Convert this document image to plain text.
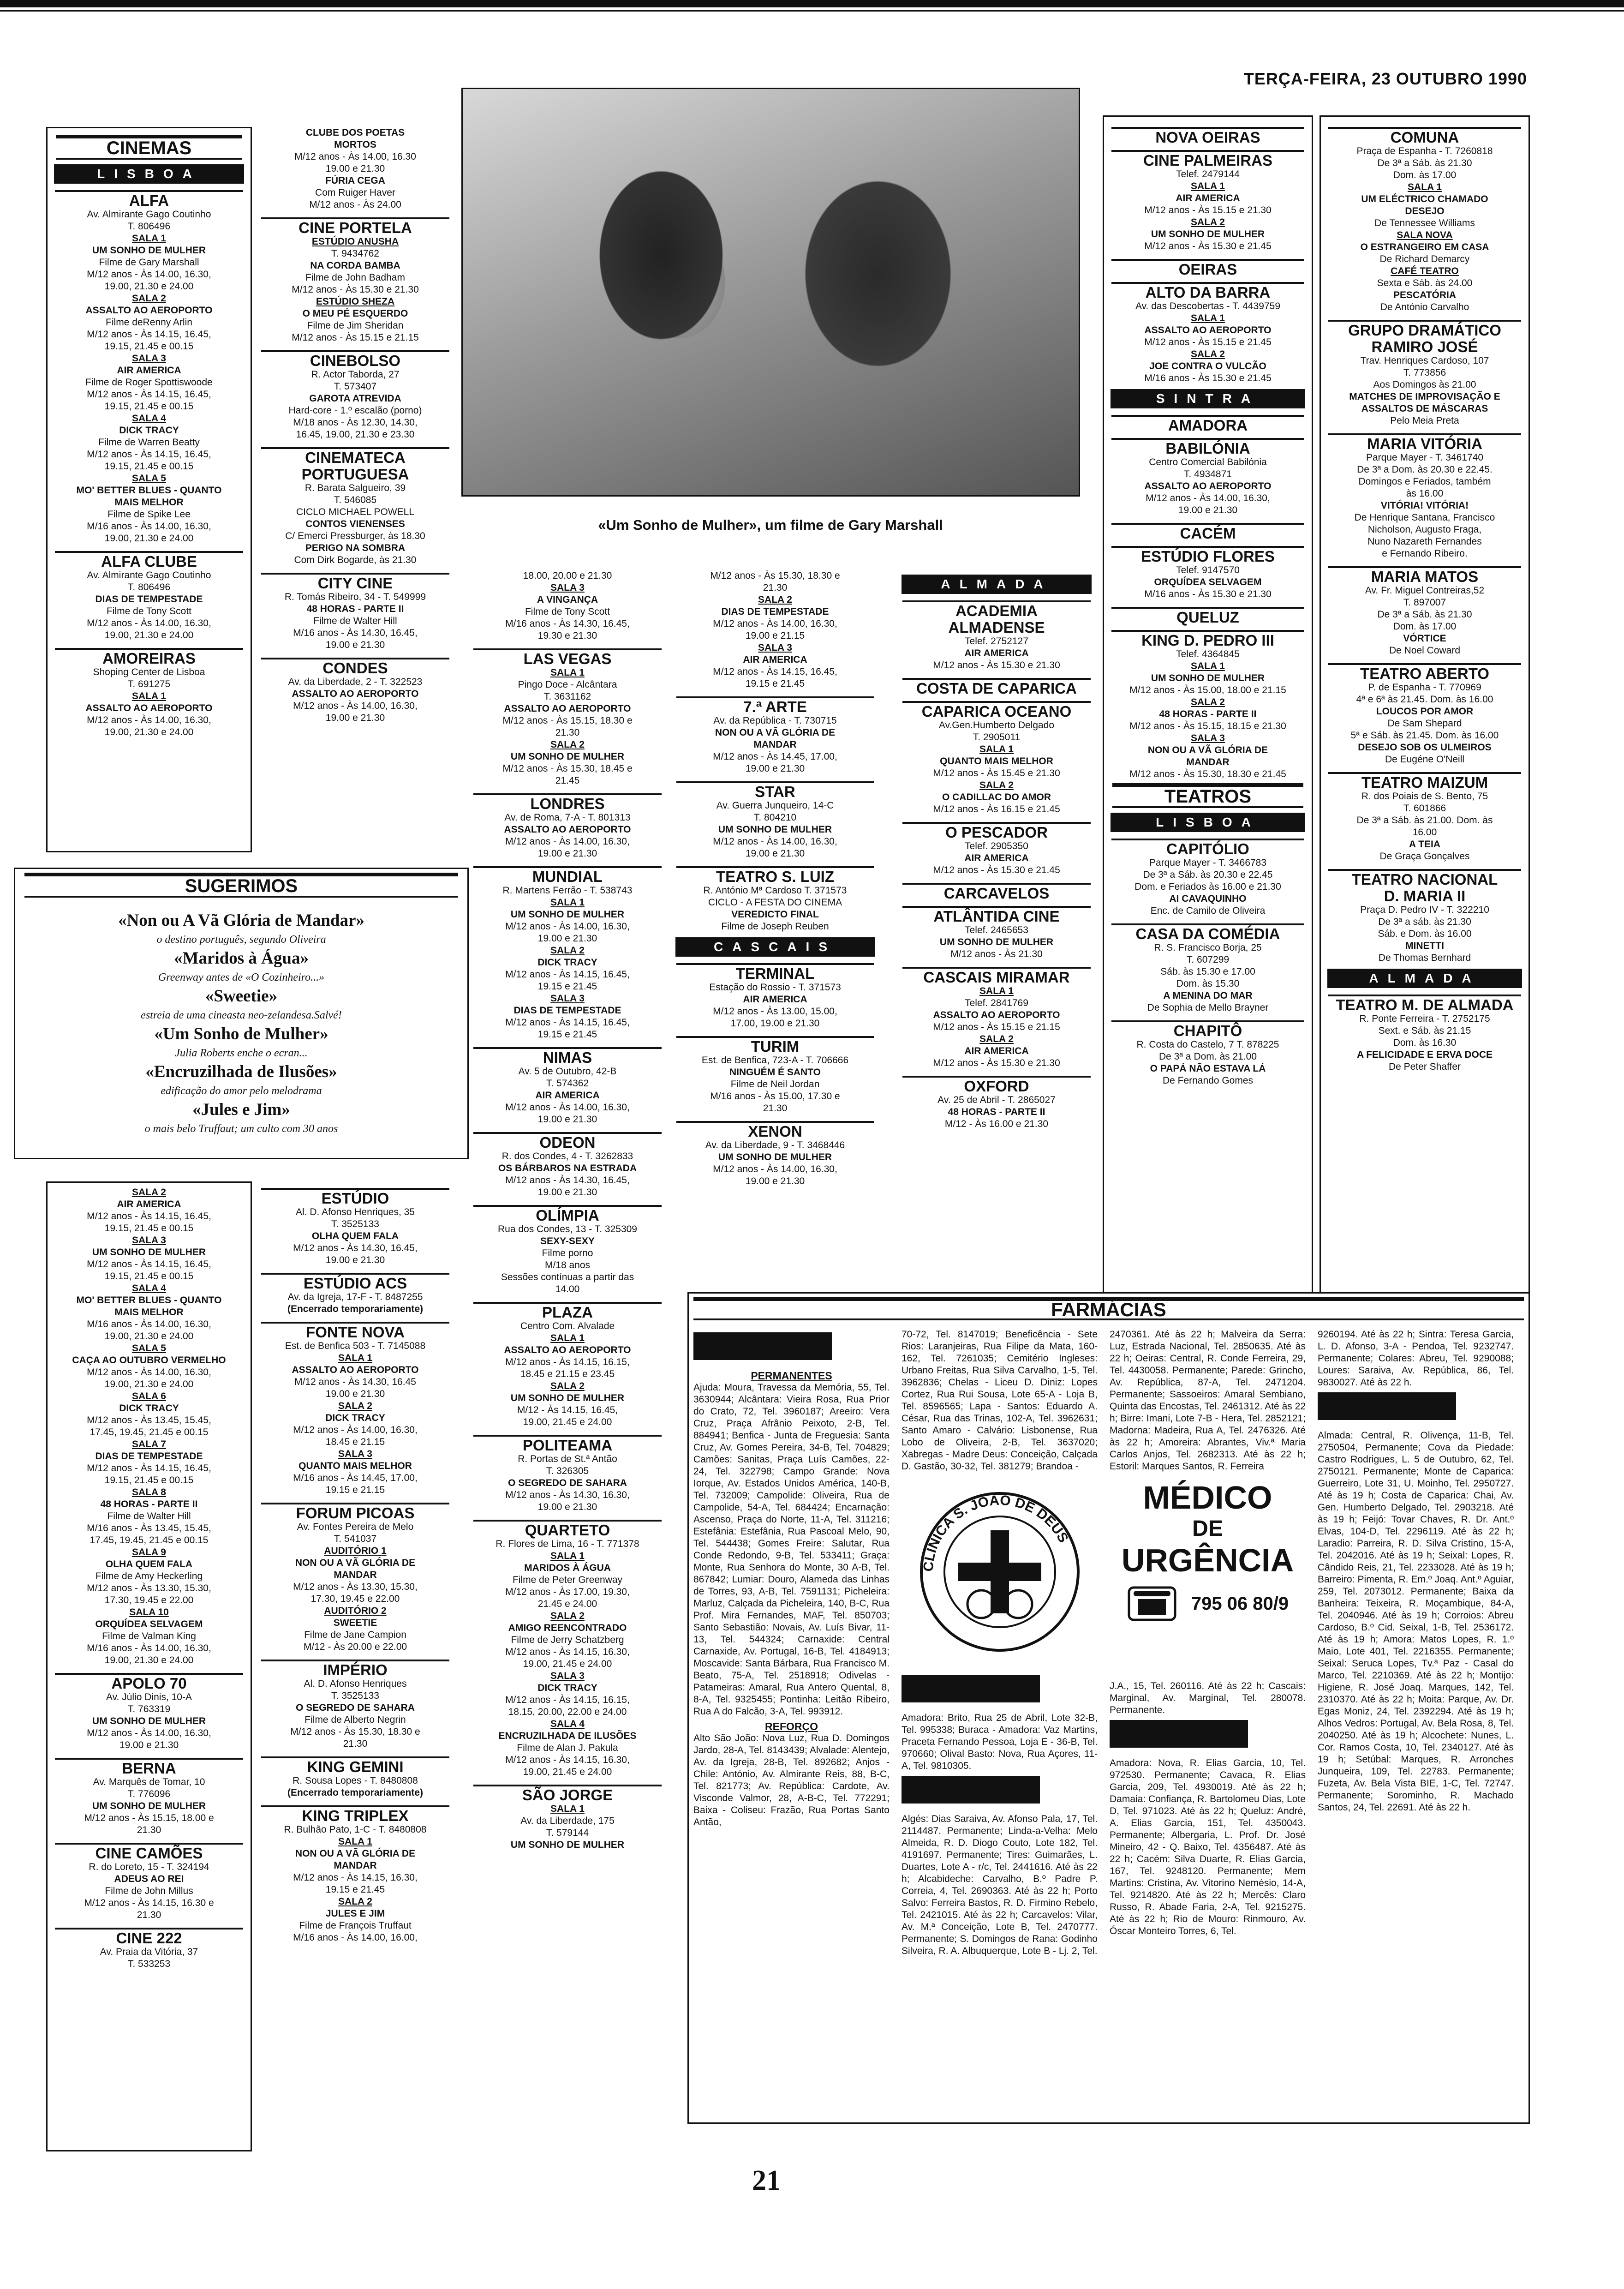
TERÇA-FEIRA, 23 OUTUBRO 1990
CINEMAS
LISBOA
ALFA
Av. Almirante Gago Coutinho
T. 806496
SALA 1
UM SONHO DE MULHER
Filme de Gary Marshall
M/12 anos - Às 14.00, 16.30,
19.00, 21.30 e 24.00
SALA 2
ASSALTO AO AEROPORTO
Filme deRenny Arlin
M/12 anos - Às 14.15, 16.45,
19.15, 21.45 e 00.15
SALA 3
AIR AMERICA
Filme de Roger Spottiswoode
M/12 anos - Às 14.15, 16.45,
19.15, 21.45 e 00.15
SALA 4
DICK TRACY
Filme de Warren Beatty
M/12 anos - Às 14.15, 16.45,
19.15, 21.45 e 00.15
SALA 5
MO' BETTER BLUES - QUANTO
MAIS MELHOR
Filme de Spike Lee
M/16 anos - Às 14.00, 16.30,
19.00, 21.30 e 24.00
ALFA CLUBE
Av. Almirante Gago Coutinho
T. 806496
DIAS DE TEMPESTADE
Filme de Tony Scott
M/12 anos - Às 14.00, 16.30,
19.00, 21.30 e 24.00
AMOREIRAS
Shoping Center de Lisboa
T. 691275
SALA 1
ASSALTO AO AEROPORTO
M/12 anos - Às 14.00, 16.30,
19.00, 21.30 e 24.00
CLUBE DOS POETAS
MORTOS
M/12 anos - Às 14.00, 16.30
19.00 e 21.30
FÚRIA CEGA
Com Ruiger Haver
M/12 anos - Às 24.00
CINE PORTELA
ESTÚDIO ANUSHA
T. 9434762
NA CORDA BAMBA
Filme de John Badham
M/12 anos - Às 15.30 e 21.30
ESTÚDIO SHEZA
O MEU PÉ ESQUERDO
Filme de Jim Sheridan
M/12 anos - Às 15.15 e 21.15
CINEBOLSO
R. Actor Taborda, 27
T. 573407
GAROTA ATREVIDA
Hard-core - 1.º escalão (porno)
M/18 anos - Às 12.30, 14.30,
16.45, 19.00, 21.30 e 23.30
CINEMATECA
PORTUGUESA
R. Barata Salgueiro, 39
T. 546085
CICLO MICHAEL POWELL
CONTOS VIENENSES
C/ Emerci Pressburger, às 18.30
PERIGO NA SOMBRA
Com Dirk Bogarde, às 21.30
CITY CINE
R. Tomás Ribeiro, 34 - T. 549999
48 HORAS - PARTE II
Filme de Walter Hill
M/16 anos - Às 14.30, 16.45,
19.00 e 21.30
CONDES
Av. da Liberdade, 2 - T. 322523
ASSALTO AO AEROPORTO
M/12 anos - Às 14.00, 16.30,
19.00 e 21.30
«Um Sonho de Mulher», um filme de Gary Marshall
SUGERIMOS
«Non ou A Vã Glória de Mandar»
o destino português, segundo Oliveira
«Maridos à Água»
Greenway antes de «O Cozinheiro...»
«Sweetie»
estreia de uma cineasta neo-zelandesa.Salvé!
«Um Sonho de Mulher»
Julia Roberts enche o ecran...
«Encruzilhada de Ilusões»
edificação do amor pelo melodrama
«Jules e Jim»
o mais belo Truffaut; um culto com 30 anos
SALA 2
AIR AMERICA
M/12 anos - Às 14.15, 16.45,
19.15, 21.45 e 00.15
SALA 3
UM SONHO DE MULHER
M/12 anos - Às 14.15, 16.45,
19.15, 21.45 e 00.15
SALA 4
MO' BETTER BLUES - QUANTO
MAIS MELHOR
M/16 anos - Às 14.00, 16.30,
19.00, 21.30 e 24.00
SALA 5
CAÇA AO OUTUBRO VERMELHO
M/12 anos - Às 14.00, 16.30,
19.00, 21.30 e 24.00
SALA 6
DICK TRACY
M/12 anos - Às 13.45, 15.45,
17.45, 19.45, 21.45 e 00.15
SALA 7
DIAS DE TEMPESTADE
M/12 anos - Às 14.15, 16.45,
19.15, 21.45 e 00.15
SALA 8
48 HORAS - PARTE II
Filme de Walter Hill
M/16 anos - Às 13.45, 15.45,
17.45, 19.45, 21.45 e 00.15
SALA 9
OLHA QUEM FALA
Filme de Amy Heckerling
M/12 anos - Às 13.30, 15.30,
17.30, 19.45 e 22.00
SALA 10
ORQUÍDEA SELVAGEM
Filme de Valman King
M/16 anos - Às 14.00, 16.30,
19.00, 21.30 e 24.00
APOLO 70
Av. Júlio Dinis, 10-A
T. 763319
UM SONHO DE MULHER
M/12 anos - Às 14.00, 16.30,
19.00 e 21.30
BERNA
Av. Marquês de Tomar, 10
T. 776096
UM SONHO DE MULHER
M/12 anos - Às 15.15, 18.00 e
21.30
CINE CAMÕES
R. do Loreto, 15 - T. 324194
ADEUS AO REI
Filme de John Millus
M/12 anos - Às 14.15, 16.30 e
21.30
CINE 222
Av. Praia da Vitória, 37
T. 533253
ESTÚDIO
Al. D. Afonso Henriques, 35
T. 3525133
OLHA QUEM FALA
M/12 anos - Às 14.30, 16.45,
19.00 e 21.30
ESTÚDIO ACS
Av. da Igreja, 17-F - T. 8487255
(Encerrado temporariamente)
FONTE NOVA
Est. de Benfica 503 - T. 7145088
SALA 1
ASSALTO AO AEROPORTO
M/12 anos - Às 14.30, 16.45
19.00 e 21.30
SALA 2
DICK TRACY
M/12 anos - Às 14.00, 16.30,
18.45 e 21.15
SALA 3
QUANTO MAIS MELHOR
M/16 anos - Às 14.45, 17.00,
19.15 e 21.15
FORUM PICOAS
Av. Fontes Pereira de Melo
T. 541037
AUDITÓRIO 1
NON OU A VÃ GLÓRIA DE
MANDAR
M/12 anos - Às 13.30, 15.30,
17.30, 19.45 e 22.00
AUDITÓRIO 2
SWEETIE
Filme de Jane Campion
M/12 - Às 20.00 e 22.00
IMPÉRIO
Al. D. Afonso Henriques
T. 3525133
O SEGREDO DE SAHARA
Filme de Alberto Negrin
M/12 anos - Às 15.30, 18.30 e
21.30
KING GEMINI
R. Sousa Lopes - T. 8480808
(Encerrado temporariamente)
KING TRIPLEX
R. Bulhão Pato, 1-C - T. 8480808
SALA 1
NON OU A VÃ GLÓRIA DE
MANDAR
M/12 anos - Às 14.15, 16.30,
19.15 e 21.45
SALA 2
JULES E JIM
Filme de François Truffaut
M/16 anos - Às 14.00, 16.00,
18.00, 20.00 e 21.30
SALA 3
A VINGANÇA
Filme de Tony Scott
M/16 anos - Às 14.30, 16.45,
19.30 e 21.30
LAS VEGAS
SALA 1
Pingo Doce - Alcântara
T. 3631162
ASSALTO AO AEROPORTO
M/12 anos - Às 15.15, 18.30 e
21.30
SALA 2
UM SONHO DE MULHER
M/12 anos - Às 15.30, 18.45 e
21.45
LONDRES
Av. de Roma, 7-A - T. 801313
ASSALTO AO AEROPORTO
M/12 anos - Às 14.00, 16.30,
19.00 e 21.30
MUNDIAL
R. Martens Ferrão - T. 538743
SALA 1
UM SONHO DE MULHER
M/12 anos - Às 14.00, 16.30,
19.00 e 21.30
SALA 2
DICK TRACY
M/12 anos - Às 14.15, 16.45,
19.15 e 21.45
SALA 3
DIAS DE TEMPESTADE
M/12 anos - Às 14.15, 16.45,
19.15 e 21.45
NIMAS
Av. 5 de Outubro, 42-B
T. 574362
AIR AMERICA
M/12 anos - Às 14.00, 16.30,
19.00 e 21.30
ODEON
R. dos Condes, 4 - T. 3262833
OS BÁRBAROS NA ESTRADA
M/12 anos - Às 14.30, 16.45,
19.00 e 21.30
OLÍMPIA
Rua dos Condes, 13 - T. 325309
SEXY-SEXY
Filme porno
M/18 anos
Sessões contínuas a partir das
14.00
PLAZA
Centro Com. Alvalade
SALA 1
ASSALTO AO AEROPORTO
M/12 anos - Às 14.15, 16.15,
18.45 e 21.15 e 23.45
SALA 2
UM SONHO DE MULHER
M/12 - Às 14.15, 16.45,
19.00, 21.45 e 24.00
POLITEAMA
R. Portas de St.ª Antão
T. 326305
O SEGREDO DE SAHARA
M/12 anos - Às 14.30, 16.30,
19.00 e 21.30
QUARTETO
R. Flores de Lima, 16 - T. 771378
SALA 1
MARIDOS À ÁGUA
Filme de Peter Greenway
M/12 anos - Às 17.00, 19.30,
21.45 e 24.00
SALA 2
AMIGO REENCONTRADO
Filme de Jerry Schatzberg
M/12 anos - Às 14.15, 16.30,
19.00, 21.45 e 24.00
SALA 3
DICK TRACY
M/12 anos - Às 14.15, 16.15,
18.15, 20.00, 22.00 e 24.00
SALA 4
ENCRUZILHADA DE ILUSÕES
Filme de Alan J. Pakula
M/12 anos - Às 14.15, 16.30,
19.00, 21.45 e 24.00
SÃO JORGE
SALA 1
Av. da Liberdade, 175
T. 579144
UM SONHO DE MULHER
M/12 anos - Às 15.30, 18.30 e
21.30
SALA 2
DIAS DE TEMPESTADE
M/12 anos - Às 14.00, 16.30,
19.00 e 21.15
SALA 3
AIR AMERICA
M/12 anos - Às 14.15, 16.45,
19.15 e 21.45
7.ª ARTE
Av. da República - T. 730715
NON OU A VÃ GLÓRIA DE
MANDAR
M/12 anos - Às 14.45, 17.00,
19.00 e 21.30
STAR
Av. Guerra Junqueiro, 14-C
T. 804210
UM SONHO DE MULHER
M/12 anos - Às 14.00, 16.30,
19.00 e 21.30
TEATRO S. LUIZ
R. António Mª Cardoso T. 371573
CICLO - A FESTA DO CINEMA
VEREDICTO FINAL
Filme de Joseph Reuben
CASCAIS
TERMINAL
Estação do Rossio - T. 371573
AIR AMERICA
M/12 anos - Às 13.00, 15.00,
17.00, 19.00 e 21.30
TURIM
Est. de Benfica, 723-A - T. 706666
NINGUÉM É SANTO
Filme de Neil Jordan
M/16 anos - Às 15.00, 17.30 e
21.30
XENON
Av. da Liberdade, 9 - T. 3468446
UM SONHO DE MULHER
M/12 anos - Às 14.00, 16.30,
19.00 e 21.30
ALMADA
ACADEMIA
ALMADENSE
Telef. 2752127
AIR AMERICA
M/12 anos - Às 15.30 e 21.30
COSTA DE CAPARICA
CAPARICA OCEANO
Av.Gen.Humberto Delgado
T. 2905011
SALA 1
QUANTO MAIS MELHOR
M/12 anos - Às 15.45 e 21.30
SALA 2
O CADILLAC DO AMOR
M/12 anos - Às 16.15 e 21.45
O PESCADOR
Telef. 2905350
AIR AMERICA
M/12 anos - Às 15.30 e 21.45
CARCAVELOS
ATLÂNTIDA CINE
Telef. 2465653
UM SONHO DE MULHER
M/12 anos - Às 21.30
CASCAIS MIRAMAR
SALA 1
Telef. 2841769
ASSALTO AO AEROPORTO
M/12 anos - Às 15.15 e 21.15
SALA 2
AIR AMERICA
M/12 anos - Às 15.30 e 21.30
OXFORD
Av. 25 de Abril - T. 2865027
48 HORAS - PARTE II
M/12 - Às 16.00 e 21.30
NOVA OEIRAS
CINE PALMEIRAS
Telef. 2479144
SALA 1
AIR AMERICA
M/12 anos - Às 15.15 e 21.30
SALA 2
UM SONHO DE MULHER
M/12 anos - Às 15.30 e 21.45
OEIRAS
ALTO DA BARRA
Av. das Descobertas - T. 4439759
SALA 1
ASSALTO AO AEROPORTO
M/12 anos - Às 15.15 e 21.45
SALA 2
JOE CONTRA O VULCÃO
M/16 anos - Às 15.30 e 21.45
SINTRA
AMADORA
BABILÓNIA
Centro Comercial Babilónia
T. 4934871
ASSALTO AO AEROPORTO
M/12 anos - Às 14.00, 16.30,
19.00 e 21.30
CACÉM
ESTÚDIO FLORES
Telef. 9147570
ORQUÍDEA SELVAGEM
M/16 anos - Às 15.30 e 21.30
QUELUZ
KING D. PEDRO III
Telef. 4364845
SALA 1
UM SONHO DE MULHER
M/12 anos - Às 15.00, 18.00 e 21.15
SALA 2
48 HORAS - PARTE II
M/12 anos - Às 15.15, 18.15 e 21.30
SALA 3
NON OU A VÃ GLÓRIA DE
MANDAR
M/12 anos - Às 15.30, 18.30 e 21.45
TEATROS
LISBOA
CAPITÓLIO
Parque Mayer - T. 3466783
De 3ª a Sáb. às 20.30 e 22.45
Dom. e Feriados às 16.00 e 21.30
AI CAVAQUINHO
Enc. de Camilo de Oliveira
CASA DA COMÉDIA
R. S. Francisco Borja, 25
T. 607299
Sáb. às 15.30 e 17.00
Dom. às 15.30
A MENINA DO MAR
De Sophia de Mello Brayner
CHAPITÔ
R. Costa do Castelo, 7 T. 878225
De 3ª a Dom. às 21.00
O PAPÁ NÃO ESTAVA LÁ
De Fernando Gomes
COMUNA
Praça de Espanha - T. 7260818
De 3ª a Sáb. às 21.30
Dom. às 17.00
SALA 1
UM ELÉCTRICO CHAMADO
DESEJO
De Tennessee Williams
SALA NOVA
O ESTRANGEIRO EM CASA
De Richard Demarcy
CAFÉ TEATRO
Sexta e Sáb. às 24.00
PESCATÓRIA
De António Carvalho
GRUPO DRAMÁTICO
RAMIRO JOSÉ
Trav. Henriques Cardoso, 107
T. 773856
Aos Domingos às 21.00
MATCHES DE IMPROVISAÇÃO E
ASSALTOS DE MÁSCARAS
Pelo Meia Preta
MARIA VITÓRIA
Parque Mayer - T. 3461740
De 3ª a Dom. às 20.30 e 22.45.
Domingos e Feriados, também
às 16.00
VITÓRIA! VITÓRIA!
De Henrique Santana, Francisco
Nicholson, Augusto Fraga,
Nuno Nazareth Fernandes
e Fernando Ribeiro.
MARIA MATOS
Av. Fr. Miguel Contreiras,52
T. 897007
De 3ª a Sáb. às 21.30
Dom. às 17.00
VÓRTICE
De Noel Coward
TEATRO ABERTO
P. de Espanha - T. 770969
4ª e 6ª às 21.45. Dom. às 16.00
LOUCOS POR AMOR
De Sam Shepard
5ª e Sáb. às 21.45. Dom. às 16.00
DESEJO SOB OS ULMEIROS
De Eugéne O'Neill
TEATRO MAIZUM
R. dos Poiais de S. Bento, 75
T. 601866
De 3ª a Sáb. às 21.00. Dom. às
16.00
A TEIA
De Graça Gonçalves
TEATRO NACIONAL
D. MARIA II
Praça D. Pedro IV - T. 322210
De 3ª a sáb. às 21.30
Sáb. e Dom. às 16.00
MINETTI
De Thomas Bernhard
ALMADA
TEATRO M. DE ALMADA
R. Ponte Ferreira - T. 2752175
Sext. e Sáb. às 21.15
Dom. às 16.30
A FELICIDADE E ERVA DOCE
De Peter Shaffer
FARMÁCIAS
PERMANENTES
Ajuda: Moura, Travessa da Memória, 55, Tel. 3630944; Alcântara: Vieira Rosa, Rua Prior do Crato, 72, Tel. 3960187; Areeiro: Vera Cruz, Praça Afrânio Peixoto, 2-B, Tel. 884941; Benfica - Junta de Freguesia: Santa Cruz, Av. Gomes Pereira, 34-B, Tel. 704829; Camões: Sanitas, Praça Luís Camões, 22-24, Tel. 322798; Campo Grande: Nova Iorque, Av. Estados Unidos América, 140-B, Tel. 732009; Campolide: Oliveira, Rua de Campolide, 54-A, Tel. 684424; Encarnação: Ascenso, Praça do Norte, 11-A, Tel. 311216; Estefânia: Estefânia, Rua Pascoal Melo, 90, Tel. 544438; Gomes Freire: Salutar, Rua Conde Redondo, 9-B, Tel. 533411; Graça: Monte, Rua Senhora do Monte, 30 A-B, Tel. 867842; Lumiar: Douro, Alameda das Linhas de Torres, 93, A-B, Tel. 7591131; Picheleira: Marluz, Calçada da Picheleira, 140, B-C, Rua Prof. Mira Fernandes, MAF, Tel. 850703; Santo Sebastião: Novais, Av. Luís Bivar, 11-13, Tel. 544324; Carnaxide: Central Carnaxide, Av. Portugal, 16-B, Tel. 4184913; Moscavide: Santa Bárbara, Rua Francisco M. Beato, 75-A, Tel. 2518918; Odivelas - Patameiras: Amaral, Rua Antero Quental, 8, 8-A, Tel. 9325455; Pontinha: Leitão Ribeiro, Rua A do Falcão, 3-A, Tel. 993912.
REFORÇO
Alto São João: Nova Luz, Rua D. Domingos Jardo, 28-A, Tel. 8143439; Alvalade: Alentejo, Av. da Igreja, 28-B, Tel. 892682; Anjos - Chile: António, Av. Almirante Reis, 88, B-C, Tel. 821773; Av. República: Cardote, Av. Visconde Valmor, 28, A-B-C, Tel. 772291; Baixa - Coliseu: Frazão, Rua Portas Santo Antão,
70-72, Tel. 8147019; Beneficência - Sete Rios: Laranjeiras, Rua Filipe da Mata, 160-162, Tel. 7261035; Cemitério Ingleses: Urbano Freitas, Rua Silva Carvalho, 1-5, Tel. 3962836; Chelas - Liceu D. Diniz: Lopes Cortez, Rua Rui Sousa, Lote 65-A - Loja B, Tel. 8596565; Lapa - Santos: Eduardo A. César, Rua das Trinas, 102-A, Tel. 3962631; Santo Amaro - Calvário: Lisbonense, Rua Lobo de Oliveira, 2-B, Tel. 3637020; Xabregas - Madre Deus: Conceição, Calçada D. Gastão, 30-32, Tel. 381279; Brandoa -
CLÍNICA S. JOÃO DE DEUS
Amadora: Brito, Rua 25 de Abril, Lote 32-B, Tel. 995338; Buraca - Amadora: Vaz Martins, Praceta Fernando Pessoa, Loja E - 36-B, Tel. 970660; Olival Basto: Nova, Rua Açores, 11-A, Tel. 9810305.
Algés: Dias Saraiva, Av. Afonso Pala, 17, Tel. 2114487. Permanente; Linda-a-Velha: Melo Almeida, R. D. Diogo Couto, Lote 182, Tel. 4191697. Permanente; Tires: Guimarães, L. Duartes, Lote A - r/c, Tel. 2441616. Até às 22 h; Alcabideche: Carvalho, B.º Padre P. Correia, 4, Tel. 2690363. Até às 22 h; Porto Salvo: Ferreira Bastos, R. D. Firmino Rebelo, Tel. 2421015. Até às 22 h; Carcavelos: Vilar, Av. M.ª Conceição, Lote B, Tel. 2470777. Permanente; S. Domingos de Rana: Godinho Silveira, R. A. Albuquerque, Lote B - Lj. 2, Tel.
2470361. Até às 22 h; Malveira da Serra: Luz, Estrada Nacional, Tel. 2850635. Até às 22 h; Oeiras: Central, R. Conde Ferreira, 29, Tel. 4430058. Permanente; Parede: Grincho, Av. República, 87-A, Tel. 2471204. Permanente; Sassoeiros: Amaral Sembiano, Quinta das Encostas, Tel. 2461312. Até às 22 h; Birre: Imani, Lote 7-B - Hera, Tel. 2852121; Madorna: Madeira, Rua A, Tel. 2476326. Até às 22 h; Amoreira: Abrantes, Viv.ª Maria Carlos Anjos, Tel. 2682313. Até às 22 h; Estoril: Marques Santos, R. Ferreira
MÉDICO
DE
URGÊNCIA
795 06 80/9
J.A., 15, Tel. 260116. Até às 22 h; Cascais: Marginal, Av. Marginal, Tel. 280078. Permanente.
Amadora: Nova, R. Elias Garcia, 10, Tel. 972530. Permanente; Cavaca, R. Elias Garcia, 209, Tel. 4930019. Até às 22 h; Damaia: Confiança, R. Bartolomeu Dias, Lote D, Tel. 971023. Até às 22 h; Queluz: André, A. Elias Garcia, 151, Tel. 4350043. Permanente; Albergaria, L. Prof. Dr. José Mineiro, 42 - Q. Baixo, Tel. 4356487. Até às 22 h; Cacém: Silva Duarte, R. Elias Garcia, 167, Tel. 9248120. Permanente; Mem Martins: Cristina, Av. Vitorino Nemésio, 14-A, Tel. 9214820. Até às 22 h; Mercês: Claro Russo, R. Abade Faria, 2-A, Tel. 9215275. Até às 22 h; Rio de Mouro: Rinmouro, Av. Óscar Monteiro Torres, 6, Tel.
9260194. Até às 22 h; Sintra: Teresa Garcia, L. D. Afonso, 3-A - Pendoa, Tel. 9232747. Permanente; Colares: Abreu, Tel. 9290088; Loures: Saraiva, Av. República, 86, Tel. 9830027. Até às 22 h.
Almada: Central, R. Olivença, 11-B, Tel. 2750504, Permanente; Cova da Piedade: Castro Rodrigues, L. 5 de Outubro, 62, Tel. 2750121. Permanente; Monte de Caparica: Guerreiro, Lote 31, U. Moinho, Tel. 2950727. Até às 19 h; Costa de Caparica: Chai, Av. Gen. Humberto Delgado, Tel. 2903218. Até às 19 h; Feijó: Tovar Chaves, R. Dr. Ant.º Elvas, 104-D, Tel. 2296119. Até às 22 h; Laradio: Parreira, R. D. Silva Cristino, 15-A, Tel. 2042016. Até às 19 h; Seixal: Lopes, R. Cândido Reis, 21, Tel. 2233028. Até às 19 h; Barreiro: Pimenta, R. Em.º Joaq. Ant.º Aguiar, 259, Tel. 2073012. Permanente; Baixa da Banheira: Teixeira, R. Moçambique, 84-A, Tel. 2040946. Até às 19 h; Corroios: Abreu Cardoso, B.º Cid. Seixal, 1-B, Tel. 2536172. Até às 19 h; Amora: Matos Lopes, R. 1.º Maio, Lote 401, Tel. 2216355. Permanente; Seixal: Seruca Lopes, Tv.ª Paz - Casal do Marco, Tel. 2210369. Até às 22 h; Montijo: Higiene, R. José Joaq. Marques, 142, Tel. 2310370. Até às 22 h; Moita: Parque, Av. Dr. Egas Moniz, 24, Tel. 2392294. Até às 19 h; Alhos Vedros: Portugal, Av. Bela Rosa, 8, Tel. 2040250. Até às 19 h; Alcochete: Nunes, L. Cor. Ramos Costa, 10, Tel. 2340127. Até às 19 h; Setúbal: Marques, R. Arronches Junqueira, 109, Tel. 22783. Permanente; Fuzeta, Av. Bela Vista BIE, 1-C, Tel. 72747. Permanente; Sorominho, R. Machado Santos, 24, Tel. 22691. Até às 22 h.
21
